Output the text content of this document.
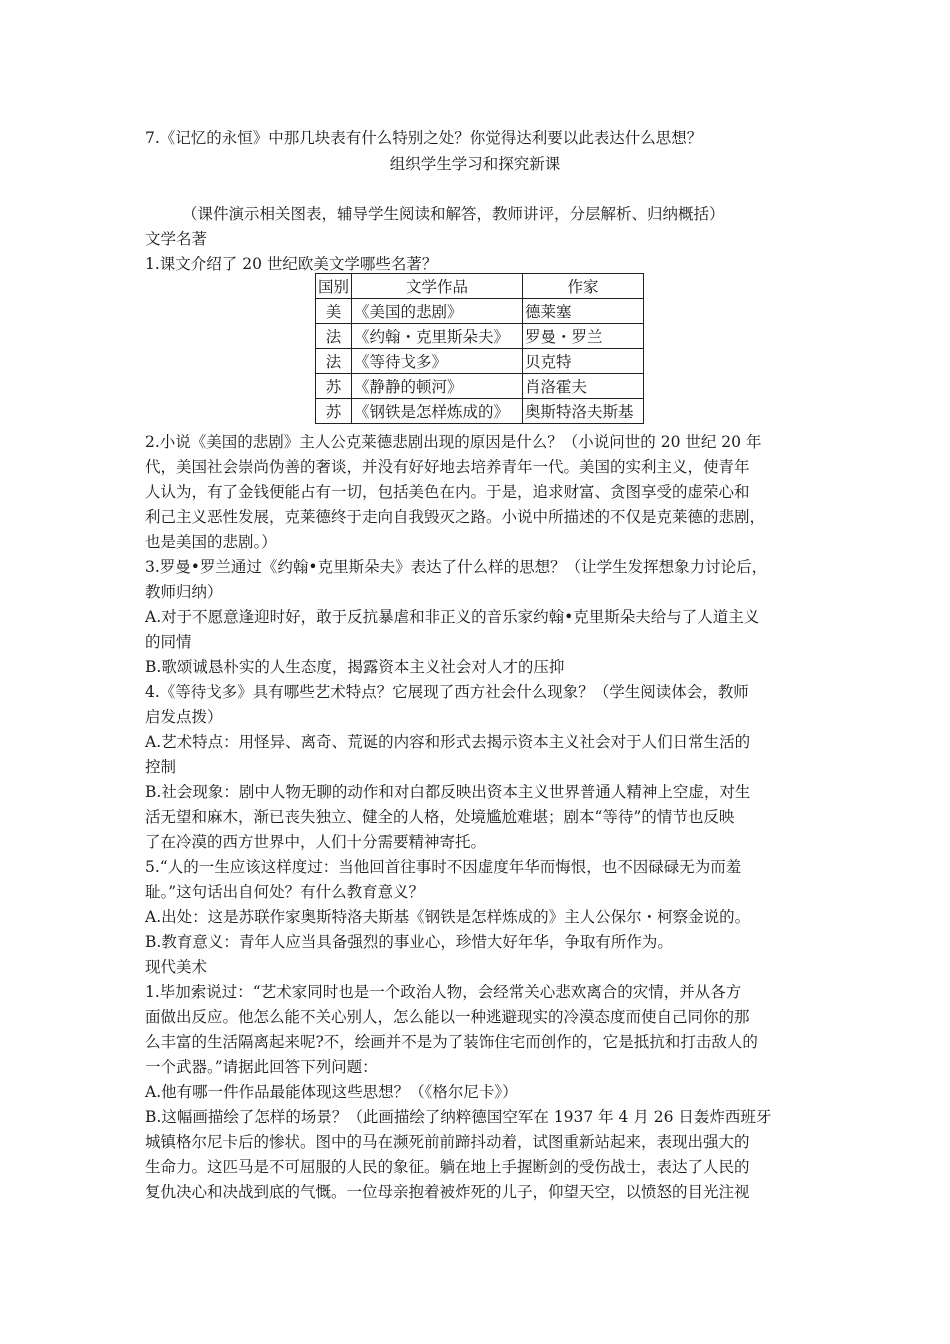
7.《记忆的永恒》中那几块表有什么特别之处？你觉得达利要以此表达什么思想？
组织学生学习和探究新课
（课件演示相关图表，辅导学生阅读和解答，教师讲评，分层解析、归纳概括）
文学名著
1.课文介绍了 20 世纪欧美文学哪些名著？
国别	文学作品	作家
美	《美国的悲剧》	德莱塞
法	《约翰・克里斯朵夫》	罗曼・罗兰
法	《等待戈多》	贝克特
苏	《静静的顿河》	肖洛霍夫
苏	《钢铁是怎样炼成的》	奥斯特洛夫斯基
2.小说《美国的悲剧》主人公克莱德悲剧出现的原因是什么？（小说问世的 20 世纪 20 年
代，美国社会崇尚伪善的奢谈，并没有好好地去培养青年一代。美国的实利主义，使青年
人认为，有了金钱便能占有一切，包括美色在内。于是，追求财富、贪图享受的虚荣心和
利己主义恶性发展，克莱德终于走向自我毁灭之路。小说中所描述的不仅是克莱德的悲剧，
也是美国的悲剧。）
3.罗曼•罗兰通过《约翰•克里斯朵夫》表达了什么样的思想？（让学生发挥想象力讨论后，
教师归纳）
A.对于不愿意逢迎时好，敢于反抗暴虐和非正义的音乐家约翰•克里斯朵夫给与了人道主义
的同情
B.歌颂诚恳朴实的人生态度，揭露资本主义社会对人才的压抑
4.《等待戈多》具有哪些艺术特点？它展现了西方社会什么现象？（学生阅读体会，教师
启发点拨）
A.艺术特点：用怪异、离奇、荒诞的内容和形式去揭示资本主义社会对于人们日常生活的
控制
B.社会现象：剧中人物无聊的动作和对白都反映出资本主义世界普通人精神上空虚，对生
活无望和麻木，渐已丧失独立、健全的人格，处境尴尬难堪；剧本“等待”的情节也反映
了在冷漠的西方世界中，人们十分需要精神寄托。
5.“人的一生应该这样度过：当他回首往事时不因虚度年华而悔恨，也不因碌碌无为而羞
耻。”这句话出自何处？有什么教育意义？
A.出处：这是苏联作家奥斯特洛夫斯基《钢铁是怎样炼成的》主人公保尔・柯察金说的。
B.教育意义：青年人应当具备强烈的事业心，珍惜大好年华，争取有所作为。
现代美术
1.毕加索说过：“艺术家同时也是一个政治人物，会经常关心悲欢离合的灾情，并从各方
面做出反应。他怎么能不关心别人，怎么能以一种逃避现实的冷漠态度而使自己同你的那
么丰富的生活隔离起来呢?不，绘画并不是为了装饰住宅而创作的，它是抵抗和打击敌人的
一个武器。”请据此回答下列问题：
A.他有哪一件作品最能体现这些思想？（《格尔尼卡》）
B.这幅画描绘了怎样的场景？（此画描绘了纳粹德国空军在 1937 年 4 月 26 日轰炸西班牙
城镇格尔尼卡后的惨状。图中的马在濒死前前蹄抖动着，试图重新站起来，表现出强大的
生命力。这匹马是不可屈服的人民的象征。躺在地上手握断剑的受伤战士，表达了人民的
复仇决心和决战到底的气慨。一位母亲抱着被炸死的儿子，仰望天空，以愤怒的目光注视
